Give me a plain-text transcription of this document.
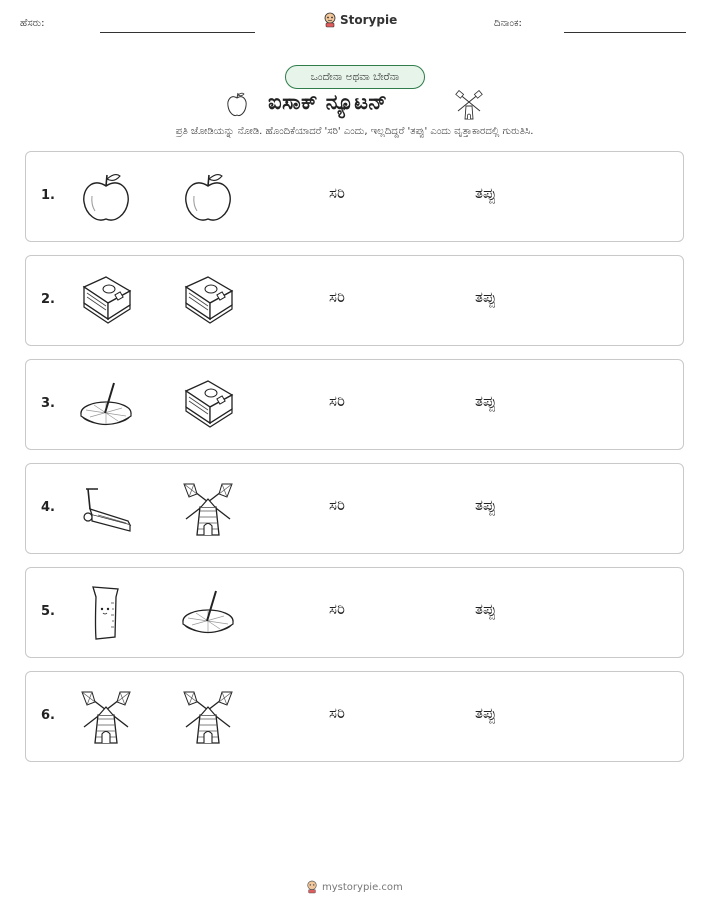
ಹೆಸರು:	Storypie	ದಿನಾಂಕ:
ಒಂದೇನಾ ಅಥವಾ ಬೇರೆನಾ
ಐಸಾಕ್ ನ್ಯೂಟನ್
ಪ್ರತಿ ಜೋಡಿಯನ್ನು ನೋಡಿ. ಹೊಂದಿಕೆಯಾದರೆ 'ಸರಿ' ಎಂದು, ಇಲ್ಲದಿದ್ದರೆ 'ತಪ್ಪು' ಎಂದು ವೃತ್ತಾಕಾರದಲ್ಲಿ ಗುರುತಿಸಿ.
1.	ಸರಿ	ತಪ್ಪು
2.	ಸರಿ	ತಪ್ಪು
3.	ಸರಿ	ತಪ್ಪು
4.	ಸರಿ	ತಪ್ಪು
5.	ಸರಿ	ತಪ್ಪು
6.	ಸರಿ	ತಪ್ಪು
mystorypie.com
